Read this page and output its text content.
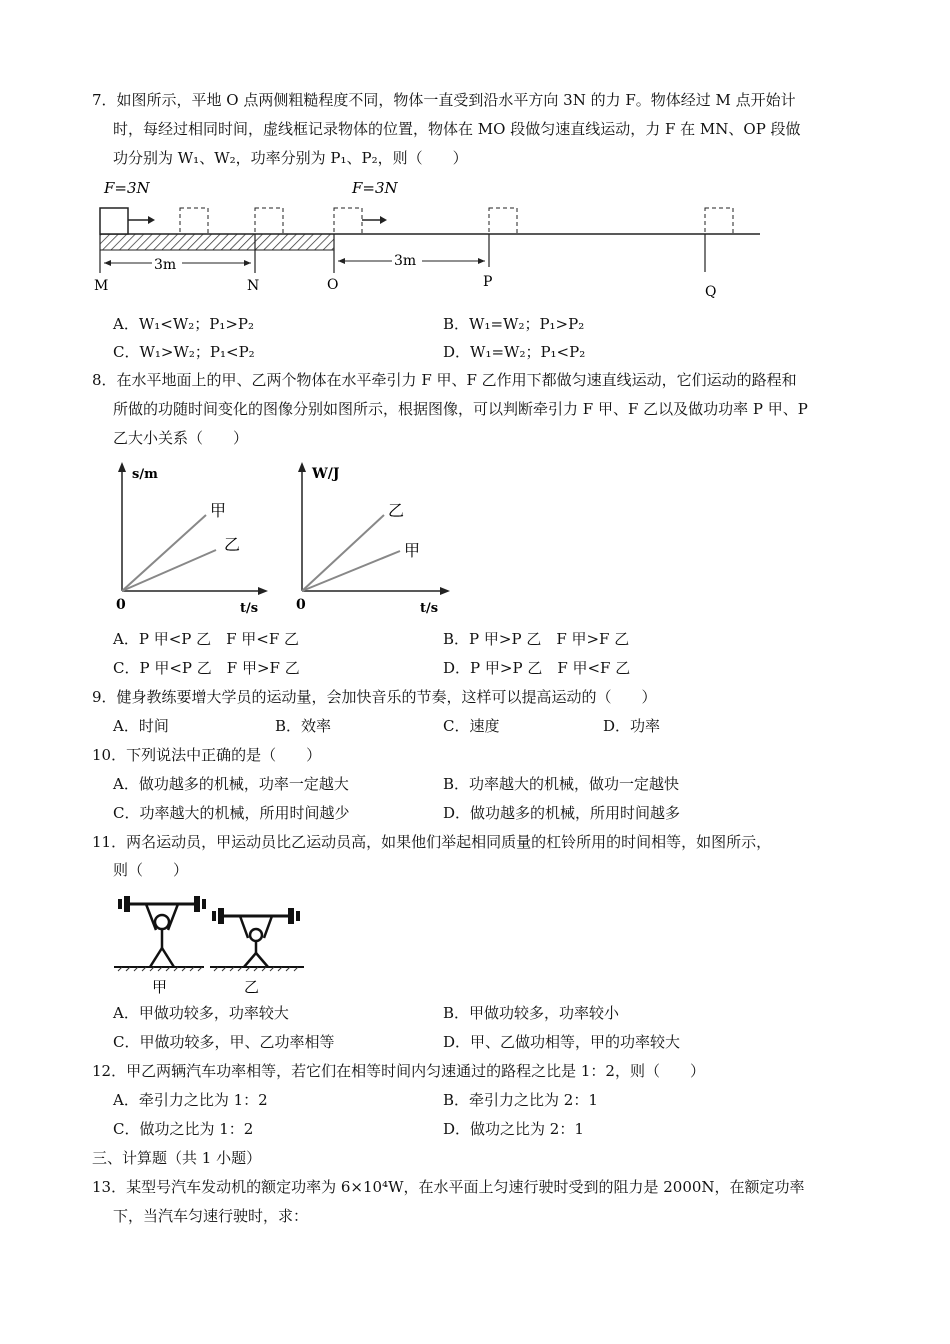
7．如图所示，平地 O 点两侧粗糙程度不同，物体一直受到沿水平方向 3N 的力 F。物体经过 M 点开始计
时，每经过相同时间，虚线框记录物体的位置，物体在 MO 段做匀速直线运动，力 F 在 MN、OP 段做
功分别为 W₁、W₂，功率分别为 P₁、P₂，则（　　）
F=3N	F=3N
3m	3m
M	N	O	P
Q
A．W₁<W₂；P₁>P₂	B．W₁=W₂；P₁>P₂
C．W₁>W₂；P₁<P₂	D．W₁=W₂；P₁<P₂
8．在水平地面上的甲、乙两个物体在水平牵引力 F 甲、F 乙作用下都做匀速直线运动，它们运动的路程和
所做的功随时间变化的图像分别如图所示，根据图像，可以判断牵引力 F 甲、F 乙以及做功功率 P 甲、P
乙大小关系（　　）
s/m
t/s
0
甲
乙
W/J
t/s
0
乙
甲
A．P 甲<P 乙　F 甲<F 乙	B．P 甲>P 乙　F 甲>F 乙
C．P 甲<P 乙　F 甲>F 乙	D．P 甲>P 乙　F 甲<F 乙
9．健身教练要增大学员的运动量，会加快音乐的节奏，这样可以提高运动的（　　）
A．时间	B．效率	C．速度	D．功率
10．下列说法中正确的是（　　）
A．做功越多的机械，功率一定越大	B．功率越大的机械，做功一定越快
C．功率越大的机械，所用时间越少	D．做功越多的机械，所用时间越多
11．两名运动员，甲运动员比乙运动员高，如果他们举起相同质量的杠铃所用的时间相等，如图所示，
则（　　）
甲	乙
A．甲做功较多，功率较大	B．甲做功较多，功率较小
C．甲做功较多，甲、乙功率相等	D．甲、乙做功相等，甲的功率较大
12．甲乙两辆汽车功率相等，若它们在相等时间内匀速通过的路程之比是 1：2，则（　　）
A．牵引力之比为 1：2	B．牵引力之比为 2：1
C．做功之比为 1：2	D．做功之比为 2：1
三、计算题（共 1 小题）
13．某型号汽车发动机的额定功率为 6×10⁴W，在水平面上匀速行驶时受到的阻力是 2000N，在额定功率
下，当汽车匀速行驶时，求：
